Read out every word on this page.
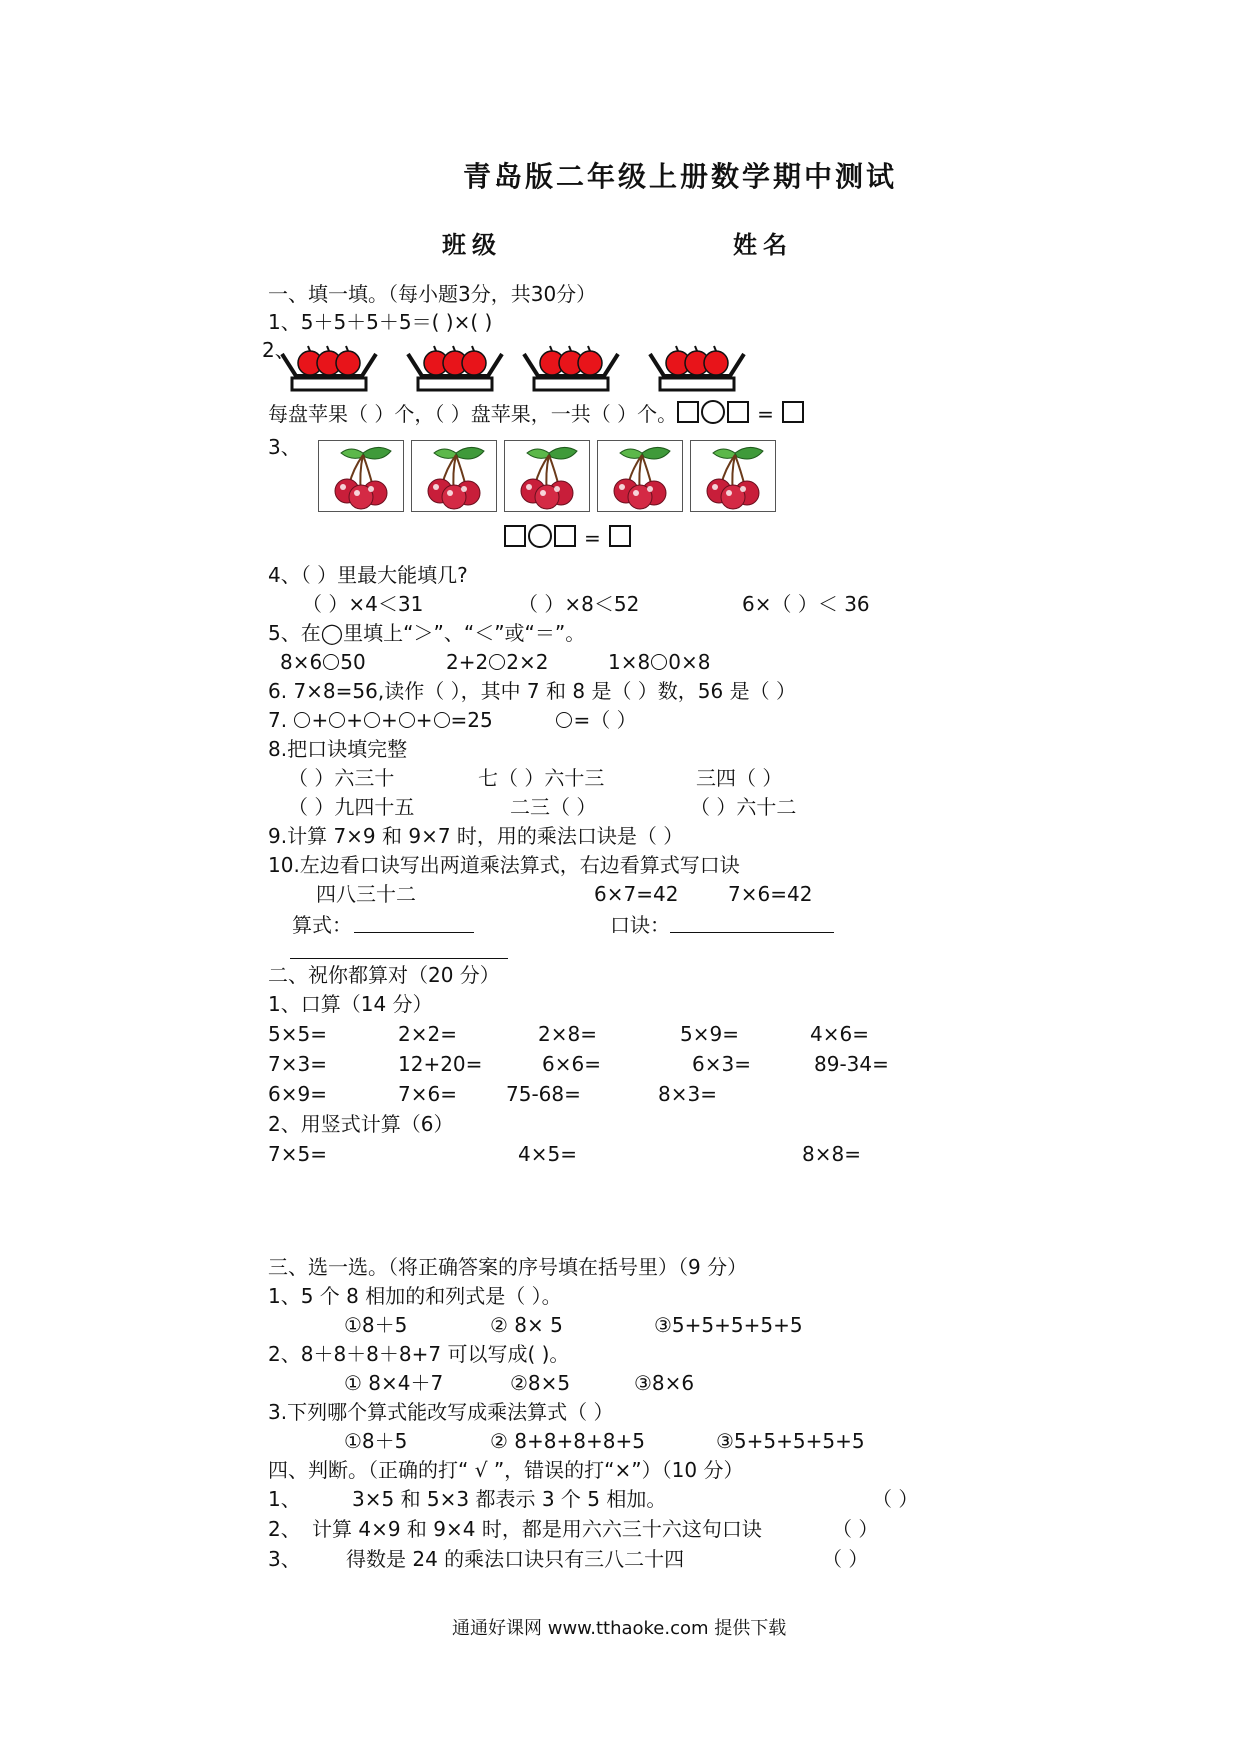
青岛版二年级上册数学期中测试
班级	姓名
一、填一填。（每小题3分，共30分）
1、5＋5＋5＋5＝( )×( )
2、
每盘苹果（ ）个，（ ）盘苹果，一共（ ）个。	=
3、
=
4、（ ）里最大能填几?
（ ）×4＜31	（ ）×8＜52	6×（ ）＜ 36
5、在◯里填上“＞”、“＜”或“＝”。
8×6 50	2+2 2×2	1×8 0×8
6. 7×8=56,读作（ ），其中 7 和 8 是（ ）数，56 是（ ）
7. + + + + =25	=（ ）
8.把口诀填完整
（ ）六三十	七（ ）六十三	三四（ ）
（ ）九四十五	二三（ ）	（ ）六十二
9.计算 7×9 和 9×7 时，用的乘法口诀是（ ）
10.左边看口诀写出两道乘法算式，右边看算式写口诀
四八三十二	6×7=42 7×6=42
算式：	口诀：
二、祝你都算对（20 分）
1、口算（14 分）
5×5=	2×2=	2×8=	5×9=	4×6=
7×3=	12+20=	6×6=	6×3=	89-34=
6×9=	7×6= 75-68=	8×3=
2、用竖式计算（6）
7×5=	4×5=	8×8=
三、选一选。（将正确答案的序号填在括号里）（9 分）
1、5 个 8 相加的和列式是（ ）。
①8＋5	② 8× 5	③5+5+5+5+5
2、8＋8＋8＋8+7 可以写成( )。
① 8×4＋7	②8×5	③8×6
3.下列哪个算式能改写成乘法算式（ ）
①8＋5	② 8+8+8+8+5	③5+5+5+5+5
四、判断。（正确的打“ √ ”，错误的打“×”）（10 分）
1、	3×5 和 5×3 都表示 3 个 5 相加。	（ ）
2、 计算 4×9 和 9×4 时，都是用六六三十六这句口诀	（ ）
3、 得数是 24 的乘法口诀只有三八二十四	（ ）
通通好课网 www.tthaoke.com 提供下载
